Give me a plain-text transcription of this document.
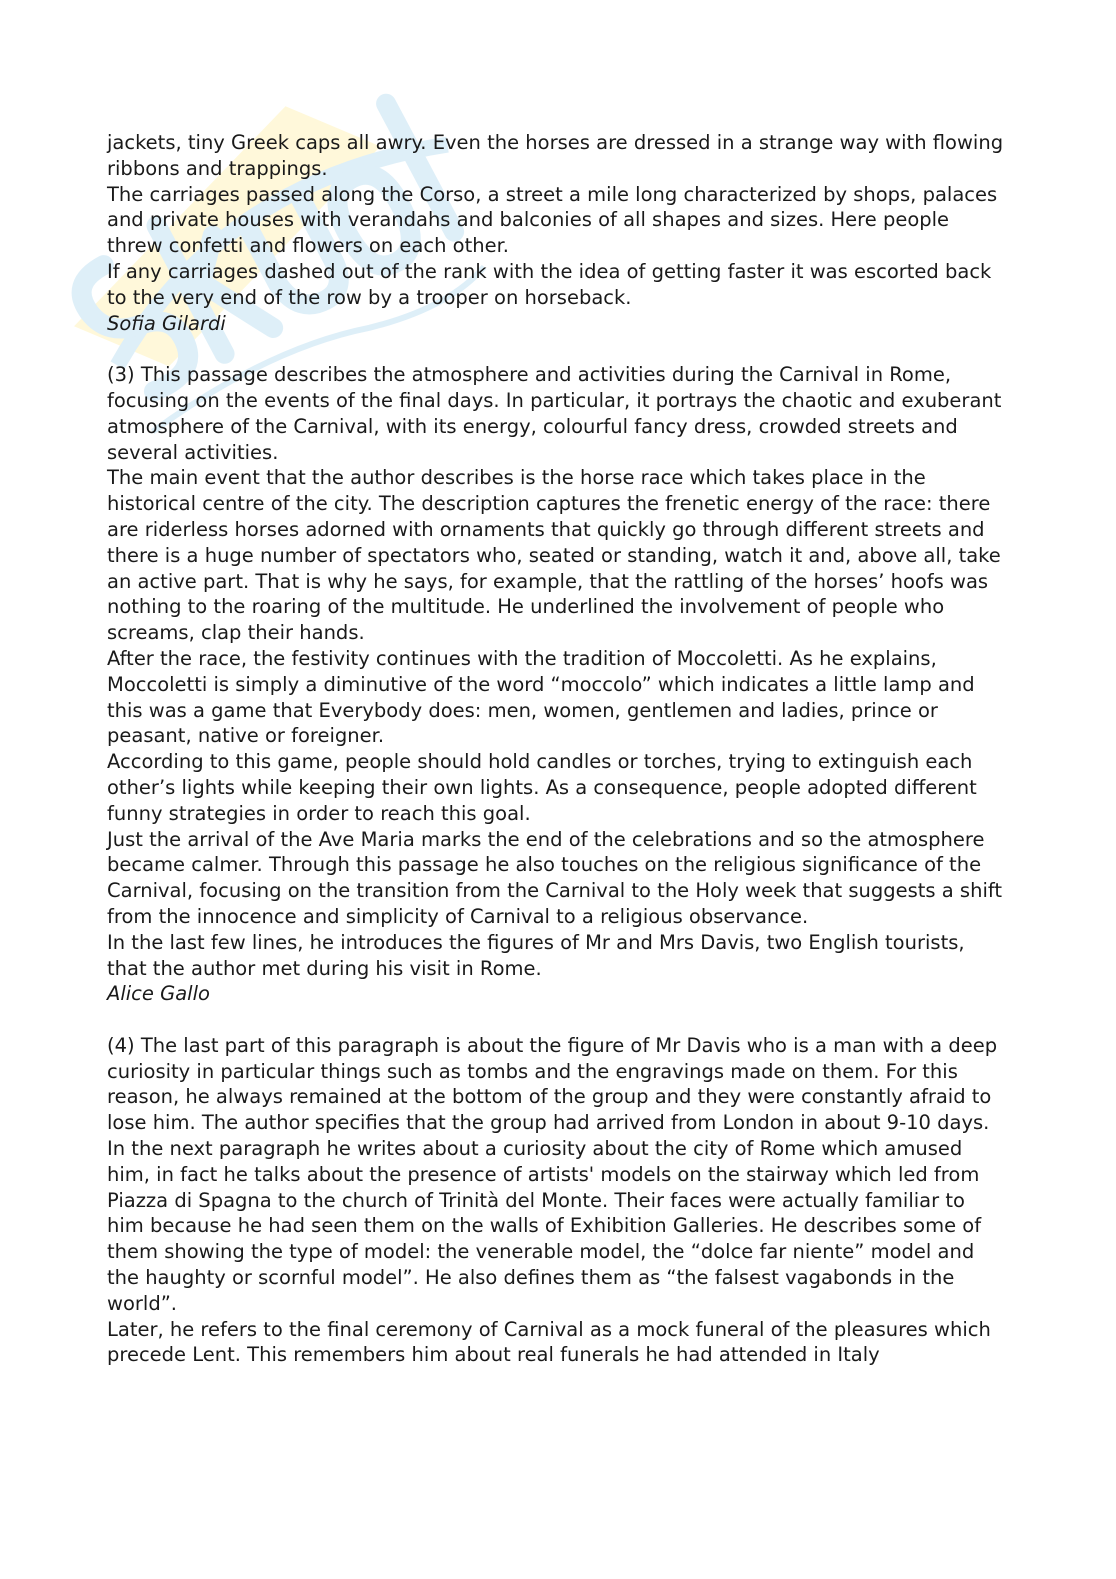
jackets, tiny Greek caps all awry. Even the horses are dressed in a strange way with flowing ribbons and trappings.

The carriages passed along the Corso, a street a mile long characterized by shops, palaces and private houses with verandahs and balconies of all shapes and sizes. Here people threw confetti and flowers on each other.

If any carriages dashed out of the rank with the idea of getting faster it was escorted back to the very end of the row by a trooper on horseback.

Sofia Gilardi

(3) This passage describes the atmosphere and activities during the Carnival in Rome, focusing on the events of the final days. In particular, it portrays the chaotic and exuberant atmosphere of the Carnival, with its energy, colourful fancy dress, crowded streets and several activities.

The main event that the author describes is the horse race which takes place in the historical centre of the city. The description captures the frenetic energy of the race: there are riderless horses adorned with ornaments that quickly go through different streets and there is a huge number of spectators who, seated or standing, watch it and, above all, take an active part. That is why he says, for example, that the rattling of the horses’ hoofs was nothing to the roaring of the multitude. He underlined the involvement of people who screams, clap their hands.

After the race, the festivity continues with the tradition of Moccoletti. As he explains, Moccoletti is simply a diminutive of the word “moccolo” which indicates a little lamp and this was a game that Everybody does: men, women, gentlemen and ladies, prince or peasant, native or foreigner.

According to this game, people should hold candles or torches, trying to extinguish each other’s lights while keeping their own lights. As a consequence, people adopted different funny strategies in order to reach this goal.

Just the arrival of the Ave Maria marks the end of the celebrations and so the atmosphere became calmer. Through this passage he also touches on the religious significance of the Carnival, focusing on the transition from the Carnival to the Holy week that suggests a shift from the innocence and simplicity of Carnival to a religious observance.

In the last few lines, he introduces the figures of Mr and Mrs Davis, two English tourists, that the author met during his visit in Rome.

Alice Gallo

(4) The last part of this paragraph is about the figure of Mr Davis who is a man with a deep curiosity in particular things such as tombs and the engravings made on them. For this reason, he always remained at the bottom of the group and they were constantly afraid to lose him. The author specifies that the group had arrived from London in about 9-10 days.

In the next paragraph he writes about a curiosity about the city of Rome which amused him, in fact he talks about the presence of artists' models on the stairway which led from Piazza di Spagna to the church of Trinità del Monte. Their faces were actually familiar to him because he had seen them on the walls of Exhibition Galleries. He describes some of them showing the type of model: the venerable model, the “dolce far niente” model and the haughty or scornful model”. He also defines them as “the falsest vagabonds in the world”.

Later, he refers to the final ceremony of Carnival as a mock funeral of the pleasures which precede Lent. This remembers him about real funerals he had attended in Italy
